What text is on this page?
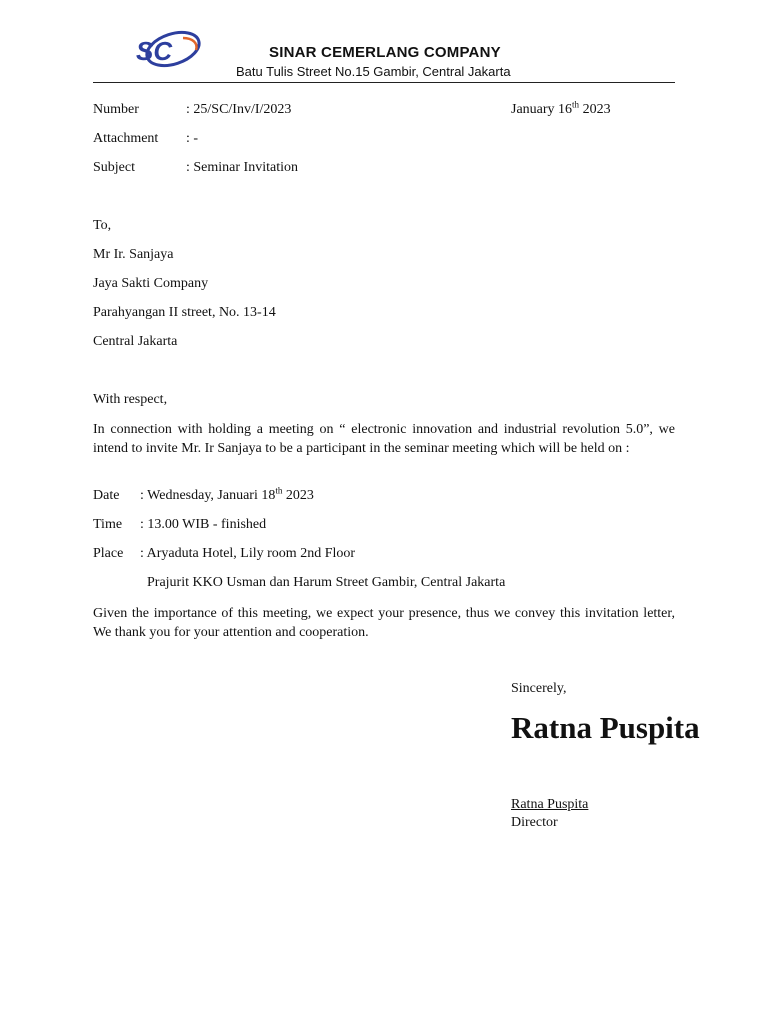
SC	SINAR CEMERLANG COMPANY
Batu Tulis Street No.15 Gambir, Central Jakarta
Number	: 25/SC/Inv/I/2023	January 16th 2023
Attachment : -
Subject	: Seminar Invitation
To,
Mr Ir. Sanjaya
Jaya Sakti Company
Parahyangan II street, No. 13-14
Central Jakarta
With respect,
In connection with holding a meeting on “ electronic innovation and industrial revolution 5.0”, we intend to invite Mr. Ir Sanjaya to be a participant in the seminar meeting which will be held on :
Date : Wednesday, Januari 18th 2023
Time : 13.00 WIB - finished
Place : Aryaduta Hotel, Lily room 2nd Floor
Prajurit KKO Usman dan Harum Street Gambir, Central Jakarta
Given the importance of this meeting, we expect your presence, thus we convey this invitation letter, We thank you for your attention and cooperation.
Sincerely,
Ratna Puspita
Ratna Puspita
Director
